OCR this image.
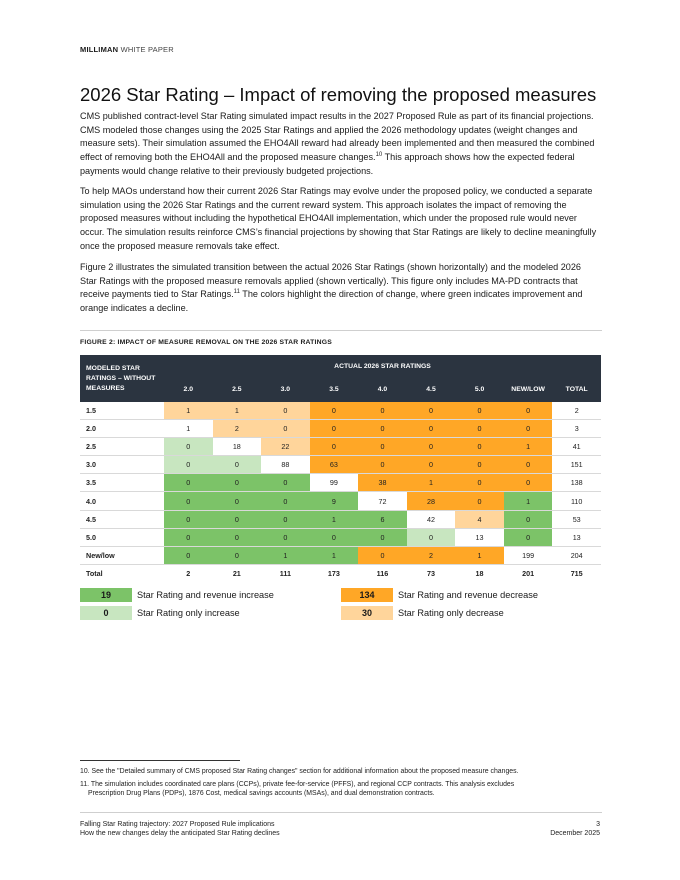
MILLIMAN WHITE PAPER
2026 Star Rating – Impact of removing the proposed measures

CMS published contract-level Star Rating simulated impact results in the 2027 Proposed Rule as part of its financial projections. CMS modeled those changes using the 2025 Star Ratings and applied the 2026 methodology updates (weight changes and measure sets). Their simulation assumed the EHO4All reward had already been implemented and then measured the combined effect of removing both the EHO4All and the proposed measure changes.$^{10}$ This approach shows how the expected federal payments would change relative to their previously budgeted projections.

To help MAOs understand how their current 2026 Star Ratings may evolve under the proposed policy, we conducted a separate simulation using the 2026 Star Ratings and the current reward system. This approach isolates the impact of removing the proposed measures without including the hypothetical EHO4All implementation, which under the proposed rule would never occur. The simulation results reinforce CMS’s financial projections by showing that Star Ratings are likely to decline meaningfully once the proposed measure removals take effect.

Figure 2 illustrates the simulated transition between the actual 2026 Star Ratings (shown horizontally) and the modeled 2026 Star Ratings with the proposed measure removals applied (shown vertically). This figure only includes MA-PD contracts that receive payments tied to Star Ratings.$^{11}$ The colors highlight the direction of change, where green indicates improvement and orange indicates a decline.

FIGURE 2: IMPACT OF MEASURE REMOVAL ON THE 2026 STAR RATINGS
MODELED STAR RATINGS – WITHOUT MEASURES	ACTUAL 2026 STAR RATINGS								
	2.0	2.5	3.0	3.5	4.0	4.5	5.0	NEW/LOW	TOTAL
1.5	1	1	0	0	0	0	0	0	2
2.0	1	2	0	0	0	0	0	0	3
2.5	0	18	22	0	0	0	0	1	41
3.0	0	0	88	63	0	0	0	0	151
3.5	0	0	0	99	38	1	0	0	138
4.0	0	0	0	9	72	28	0	1	110
4.5	0	0	0	1	6	42	4	0	53
5.0	0	0	0	0	0	0	13	0	13
New/low	0	0	1	1	0	2	1	199	204
Total	2	21	111	173	116	73	18	201	715
19	Star Rating and revenue increase
0	Star Rating only increase
134	Star Rating and revenue decrease
30	Star Rating only decrease
10. See the "Detailed summary of CMS proposed Star Rating changes" section for additional information about the proposed measure changes.
11. The simulation includes coordinated care plans (CCPs), private fee-for-service (PFFS), and regional CCP contracts. This analysis excludes
Prescription Drug Plans (PDPs), 1876 Cost, medical savings accounts (MSAs), and dual demonstration contracts.
Falling Star Rating trajectory: 2027 Proposed Rule implications
How the new changes delay the anticipated Star Rating declines
3
December 2025
